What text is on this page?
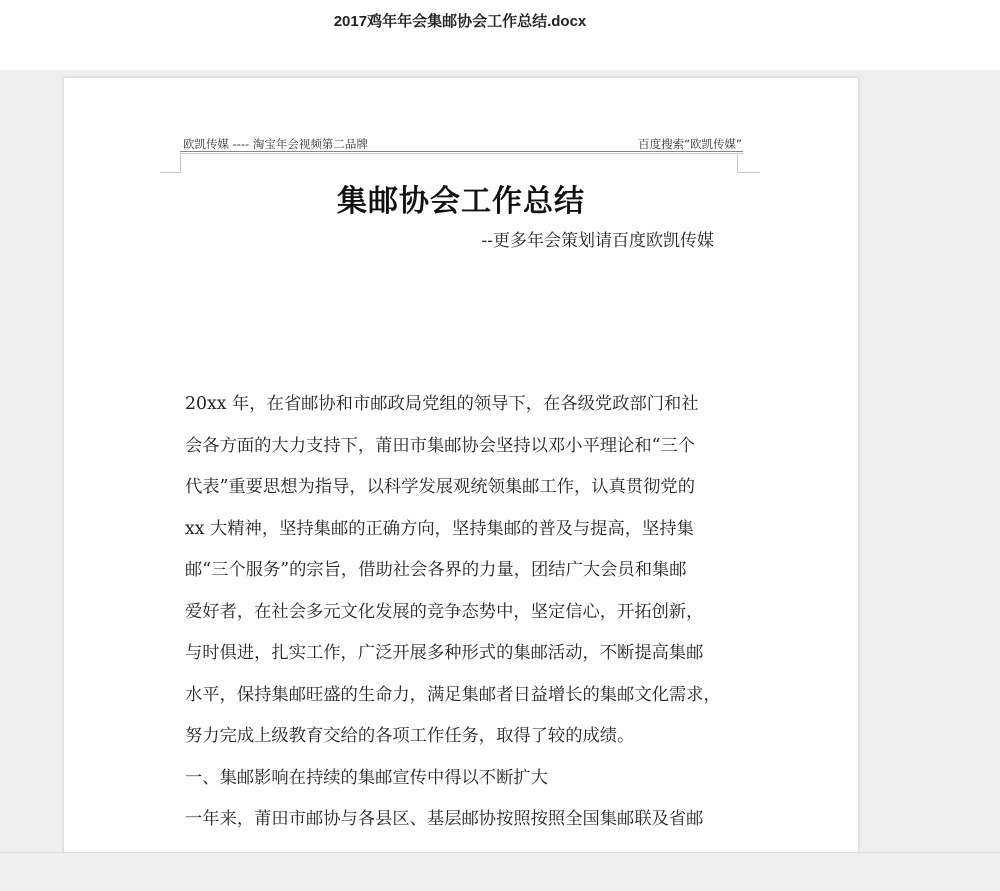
2017鸡年年会集邮协会工作总结.docx
欧凯传媒 ---- 淘宝年会视频第二品牌	百度搜索“欧凯传媒”
集邮协会工作总结
--更多年会策划请百度欧凯传媒
20xx 年，在省邮协和市邮政局党组的领导下，在各级党政部门和社
会各方面的大力支持下，莆田市集邮协会坚持以邓小平理论和“三个
代表”重要思想为指导，以科学发展观统领集邮工作，认真贯彻党的
xx 大精神，坚持集邮的正确方向，坚持集邮的普及与提高，坚持集
邮“三个服务”的宗旨，借助社会各界的力量，团结广大会员和集邮
爱好者，在社会多元文化发展的竞争态势中，坚定信心，开拓创新，
与时俱进，扎实工作，广泛开展多种形式的集邮活动，不断提高集邮
水平，保持集邮旺盛的生命力，满足集邮者日益增长的集邮文化需求，
努力完成上级教育交给的各项工作任务，取得了较的成绩。
一、集邮影响在持续的集邮宣传中得以不断扩大
一年来，莆田市邮协与各县区、基层邮协按照按照全国集邮联及省邮
